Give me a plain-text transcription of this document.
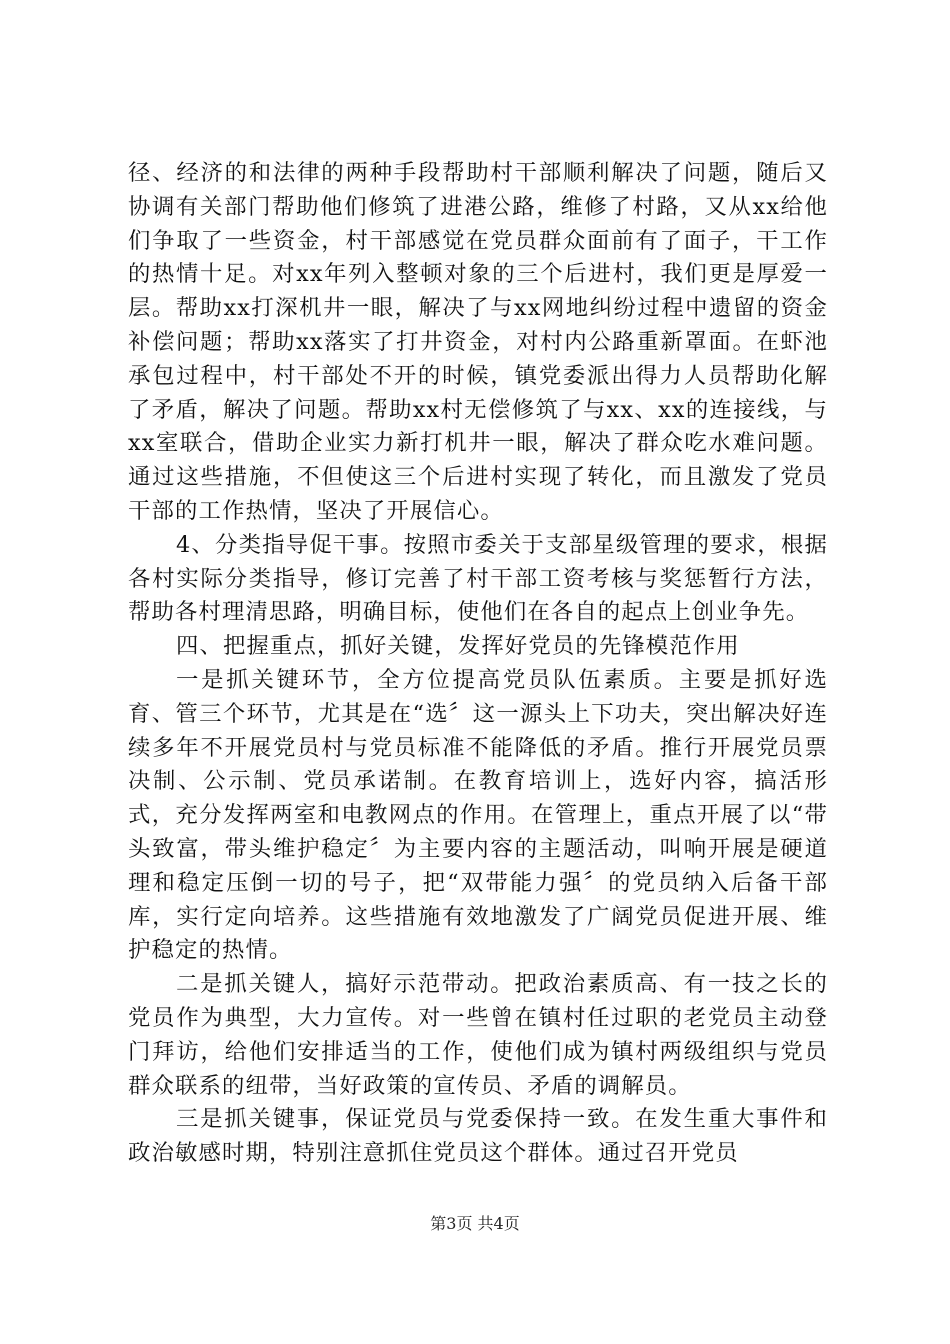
径、经济的和法律的两种手段帮助村干部顺利解决了问题，随后又协调有关部门帮助他们修筑了进港公路，维修了村路，又从xx给他们争取了一些资金，村干部感觉在党员群众面前有了面子，干工作的热情十足。对xx年列入整顿对象的三个后进村，我们更是厚爱一层。帮助xx打深机井一眼，解决了与xx网地纠纷过程中遗留的资金补偿问题；帮助xx落实了打井资金，对村内公路重新罩面。在虾池承包过程中，村干部处不开的时候，镇党委派出得力人员帮助化解了矛盾，解决了问题。帮助xx村无偿修筑了与xx、xx的连接线，与xx室联合，借助企业实力新打机井一眼，解决了群众吃水难问题。通过这些措施，不但使这三个后进村实现了转化，而且激发了党员干部的工作热情，坚决了开展信心。

4、分类指导促干事。按照市委关于支部星级管理的要求，根据各村实际分类指导，修订完善了村干部工资考核与奖惩暂行方法，帮助各村理清思路，明确目标，使他们在各自的起点上创业争先。

四、把握重点，抓好关键，发挥好党员的先锋模范作用

一是抓关键环节，全方位提高党员队伍素质。主要是抓好选育、管三个环节，尤其是在“选〞这一源头上下功夫，突出解决好连续多年不开展党员村与党员标准不能降低的矛盾。推行开展党员票决制、公示制、党员承诺制。在教育培训上，选好内容，搞活形式，充分发挥两室和电教网点的作用。在管理上，重点开展了以“带头致富，带头维护稳定〞为主要内容的主题活动，叫响开展是硬道理和稳定压倒一切的号子，把“双带能力强〞的党员纳入后备干部库，实行定向培养。这些措施有效地激发了广阔党员促进开展、维护稳定的热情。

二是抓关键人，搞好示范带动。把政治素质高、有一技之长的党员作为典型，大力宣传。对一些曾在镇村任过职的老党员主动登门拜访，给他们安排适当的工作，使他们成为镇村两级组织与党员群众联系的纽带，当好政策的宣传员、矛盾的调解员。

三是抓关键事，保证党员与党委保持一致。在发生重大事件和政治敏感时期，特别注意抓住党员这个群体。通过召开党员

第3页 共4页
